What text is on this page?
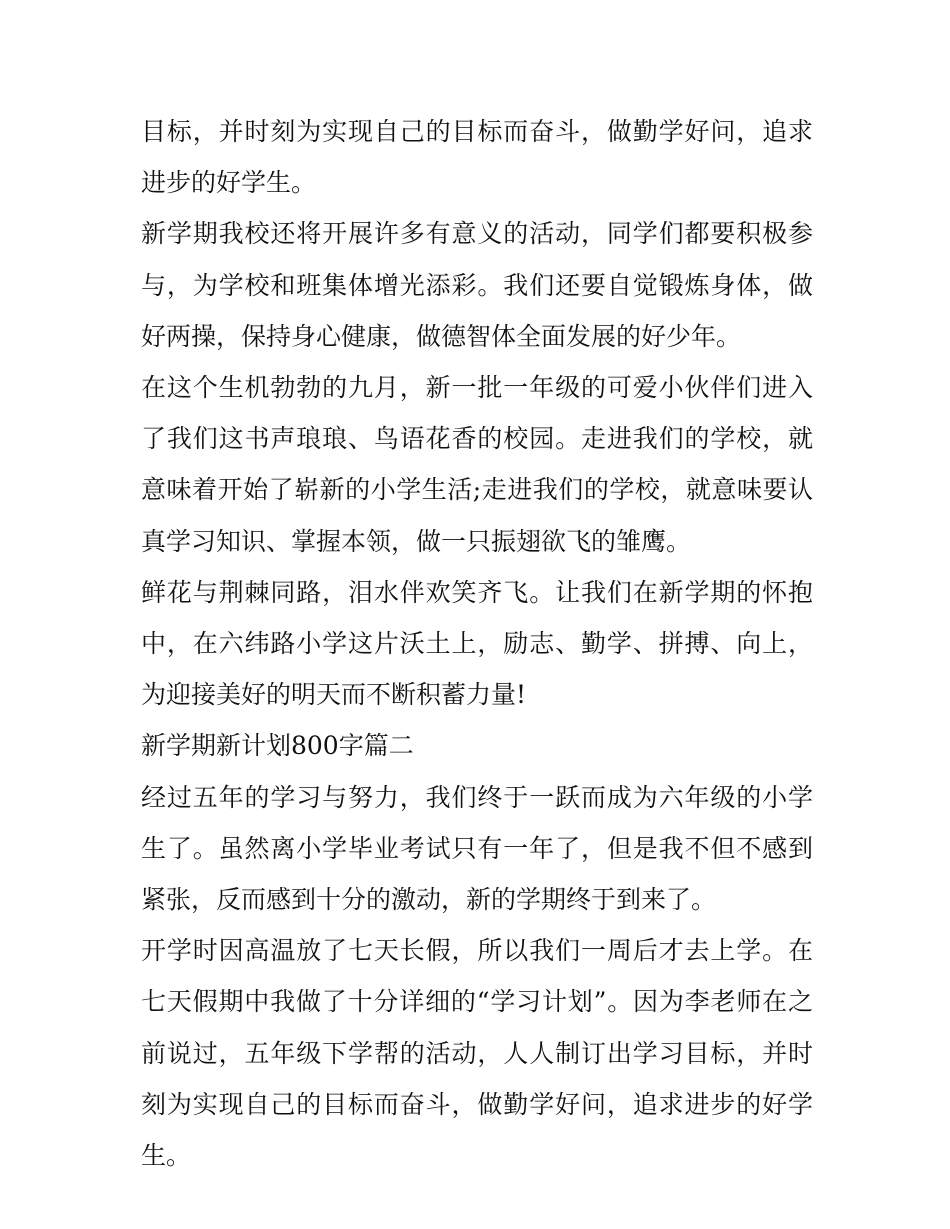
目标，并时刻为实现自己的目标而奋斗，做勤学好问，追求进步的好学生。

新学期我校还将开展许多有意义的活动，同学们都要积极参与，为学校和班集体增光添彩。我们还要自觉锻炼身体，做好两操，保持身心健康，做德智体全面发展的好少年。

在这个生机勃勃的九月，新一批一年级的可爱小伙伴们进入了我们这书声琅琅、鸟语花香的校园。走进我们的学校，就意味着开始了崭新的小学生活;走进我们的学校，就意味要认真学习知识、掌握本领，做一只振翅欲飞的雏鹰。

鲜花与荆棘同路，泪水伴欢笑齐飞。让我们在新学期的怀抱中，在六纬路小学这片沃土上，励志、勤学、拼搏、向上，为迎接美好的明天而不断积蓄力量!

新学期新计划800字篇二

经过五年的学习与努力，我们终于一跃而成为六年级的小学生了。虽然离小学毕业考试只有一年了，但是我不但不感到紧张，反而感到十分的激动，新的学期终于到来了。

开学时因高温放了七天长假，所以我们一周后才去上学。在七天假期中我做了十分详细的“学习计划”。因为李老师在之前说过，五年级下学帮的活动，人人制订出学习目标，并时刻为实现自己的目标而奋斗，做勤学好问，追求进步的好学生。
